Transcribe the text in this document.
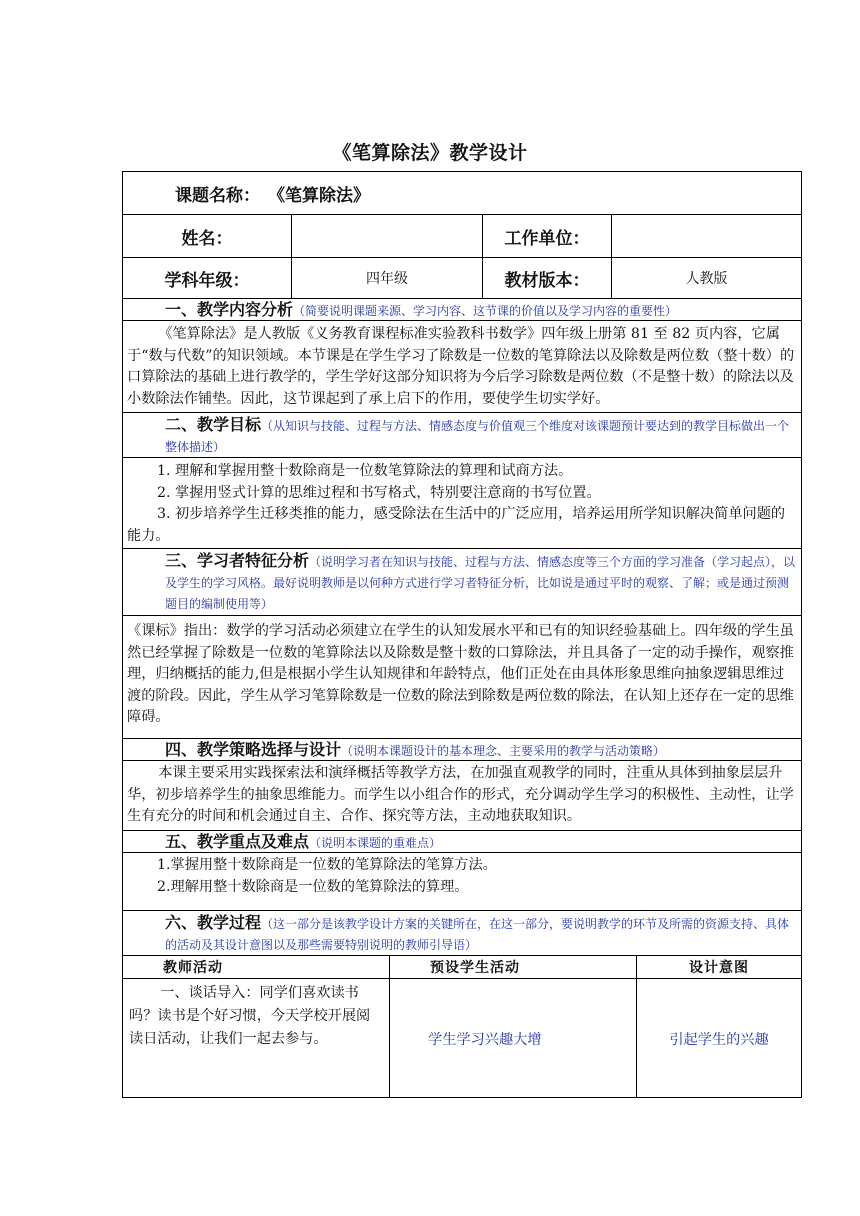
《笔算除法》教学设计
课题名称： 《笔算除法》
姓名：	工作单位：
学科年级：	四年级	教材版本：	人教版
一、教学内容分析（简要说明课题来源、学习内容、这节课的价值以及学习内容的重要性）

《笔算除法》是人教版《义务教育课程标准实验教科书数学》四年级上册第 81 至 82 页内容，它属于“数与代数”的知识领域。本节课是在学生学习了除数是一位数的笔算除法以及除数是两位数（整十数）的口算除法的基础上进行教学的，学生学好这部分知识将为今后学习除数是两位数（不是整十数）的除法以及小数除法作铺垫。因此，这节课起到了承上启下的作用，要使学生切实学好。

二、教学目标（从知识与技能、过程与方法、情感态度与价值观三个维度对该课题预计要达到的教学目标做出一个整体描述）

1. 理解和掌握用整十数除商是一位数笔算除法的算理和试商方法。

2. 掌握用竖式计算的思维过程和书写格式，特别要注意商的书写位置。

3. 初步培养学生迁移类推的能力，感受除法在生活中的广泛应用，培养运用所学知识解决简单问题的能力。

三、学习者特征分析（说明学习者在知识与技能、过程与方法、情感态度等三个方面的学习准备（学习起点），以及学生的学习风格。最好说明教师是以何种方式进行学习者特征分析，比如说是通过平时的观察、了解；或是通过预测题目的编制使用等）

《课标》指出：数学的学习活动必须建立在学生的认知发展水平和已有的知识经验基础上。四年级的学生虽然已经掌握了除数是一位数的笔算除法以及除数是整十数的口算除法，并且具备了一定的动手操作，观察推理，归纳概括的能力,但是根据小学生认知规律和年龄特点，他们正处在由具体形象思维向抽象逻辑思维过渡的阶段。因此，学生从学习笔算除数是一位数的除法到除数是两位数的除法，在认知上还存在一定的思维障碍。

四、教学策略选择与设计（说明本课题设计的基本理念、主要采用的教学与活动策略）

本课主要采用实践探索法和演绎概括等教学方法，在加强直观教学的同时，注重从具体到抽象层层升华，初步培养学生的抽象思维能力。而学生以小组合作的形式，充分调动学生学习的积极性、主动性，让学生有充分的时间和机会通过自主、合作、探究等方法，主动地获取知识。

五、教学重点及难点（说明本课题的重难点）

1.掌握用整十数除商是一位数的笔算除法的笔算方法。

2.理解用整十数除商是一位数的笔算除法的算理。

六、教学过程（这一部分是该教学设计方案的关键所在，在这一部分，要说明教学的环节及所需的资源支持、具体的活动及其设计意图以及那些需要特别说明的教师引导语）
教师活动	预设学生活动	设计意图

一、谈话导入：同学们喜欢读书吗？读书是个好习惯，今天学校开展阅读日活动，让我们一起去参与。	学生学习兴趣大增	引起学生的兴趣
